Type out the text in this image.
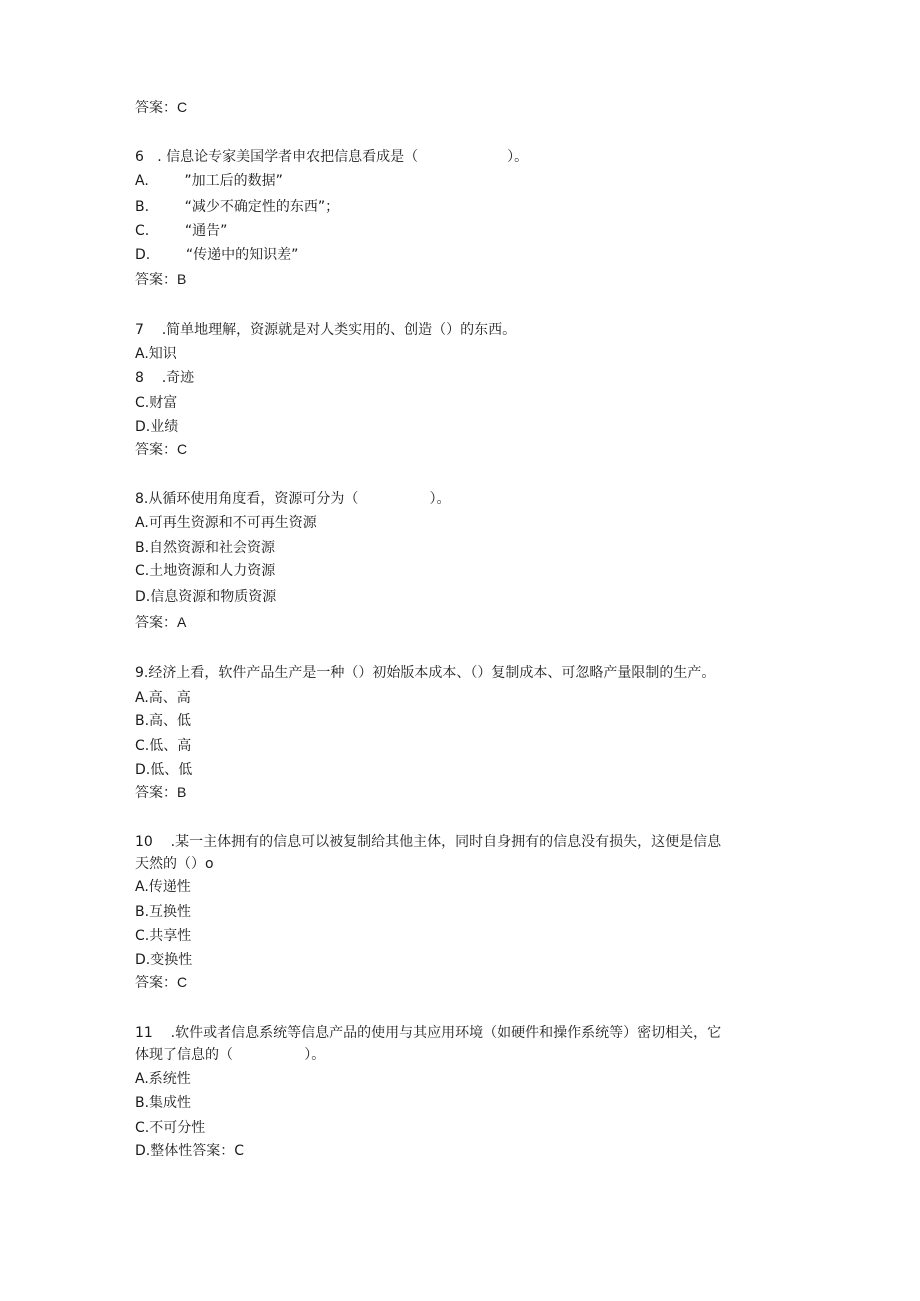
答案：C
6   . 信息论专家美国学者申农把信息看成是（                    ）。
A.        ”加工后的数据”
B.        “减少不确定性的东西”；
C.        “通告”
D.        “传递中的知识差”
答案：B
7    .简单地理解，资源就是对人类实用的、创造（）的东西。
A.知识
8    .奇迹
C.财富
D.业绩
答案：C
8.从循环使用角度看，资源可分为（                ）。
A.可再生资源和不可再生资源
B.自然资源和社会资源
C.土地资源和人力资源
D.信息资源和物质资源
答案：A
9.经济上看，软件产品生产是一种（）初始版本成本、（）复制成本、可忽略产量限制的生产。
A.高、高
B.高、低
C.低、高
D.低、低
答案：B
10    .某一主体拥有的信息可以被复制给其他主体，同时自身拥有的信息没有损失，这便是信息
天然的（）o
A.传递性
B.互换性
C.共享性
D.变换性
答案：C
11    .软件或者信息系统等信息产品的使用与其应用环境（如硬件和操作系统等）密切相关，它
体现了信息的（                ）。
A.系统性
B.集成性
C.不可分性
D.整体性答案：C
